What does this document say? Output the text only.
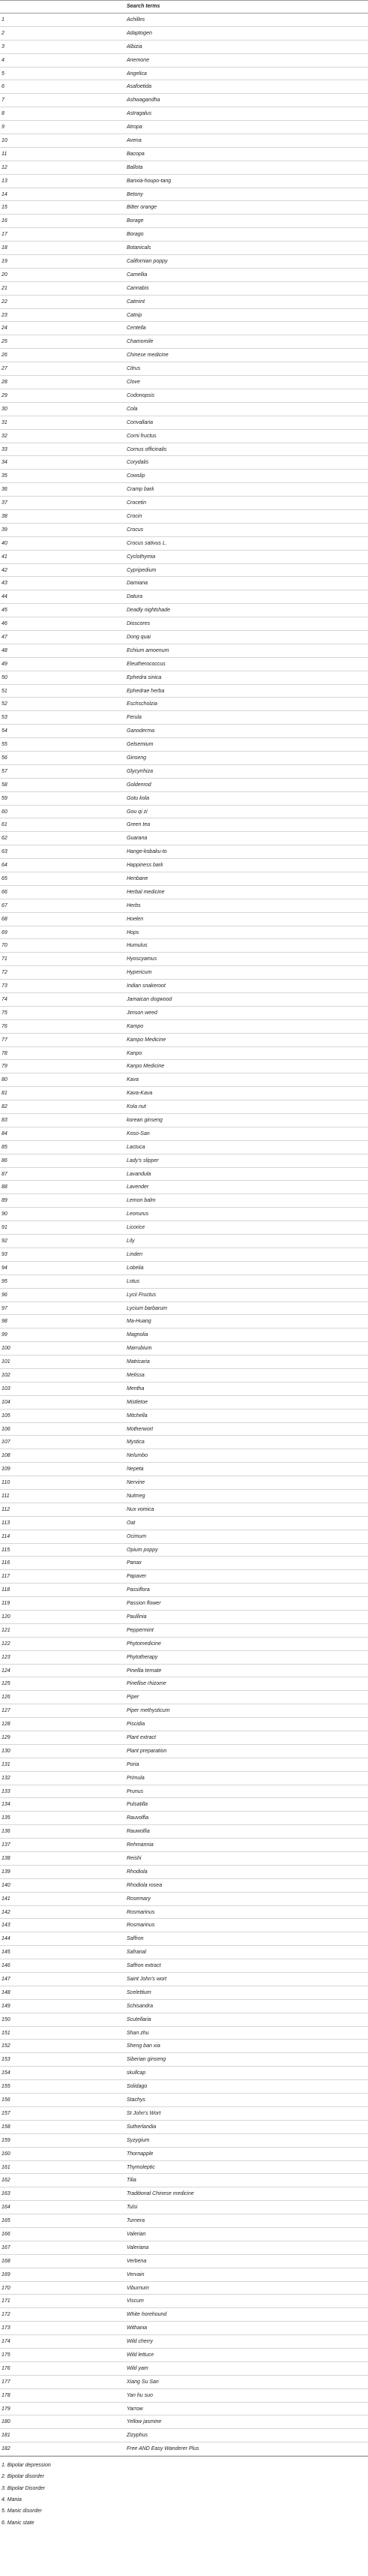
Search terms
1	Achilles
2	Adaptogen
3	Albizia
4	Anemone
5	Angelica
6	Asafoetida
7	Ashwagandha
8	Astragalus
9	Atropa
10	Avena
11	Bacopa
12	Ballota
13	Banxia-houpo-tang
14	Betony
15	Bitter orange
16	Borage
17	Borago
18	Botanicals
19	Californian poppy
20	Camellia
21	Cannabis
22	Catmint
23	Catnip
24	Centella
25	Chamomile
26	Chinese medicine
27	Citrus
28	Clove
29	Codonopsis
30	Cola
31	Convallaria
32	Corni fructus
33	Cornus officinalis
34	Corydalis
35	Cowslip
36	Cramp bark
37	Crocetin
38	Crocin
39	Crocus
40	Crocus sativus L.
41	Cyclothymia
42	Cypripedium
43	Damiana
44	Datura
45	Deadly nightshade
46	Dioscores
47	Dong quai
48	Echium amoenum
49	Eleutherococcus
50	Ephedra sinica
51	Ephedrae herba
52	Eschscholzia
53	Ferula
54	Ganoderma
55	Gelsemium
56	Ginseng
57	Glycyrrhiza
58	Goldenrod
59	Gotu kola
60	Gou qi zi
61	Green tea
62	Guarana
63	Hange-kobaku-to
64	Happiness bark
65	Henbane
66	Herbal medicine
67	Herbs
68	Hoelen
69	Hops
70	Humulus
71	Hyoscyamus
72	Hypericum
73	Indian snakeroot
74	Jamaican dogwood
75	Jimson weed
76	Kampo
77	Kampo Medicine
78	Kanpo
79	Kanpo Medicine
80	Kava
81	Kava-Kava
82	Kola nut
83	korean ginseng
84	Koso-San
85	Lactuca
86	Lady's slipper
87	Lavandula
88	Lavender
89	Lemon balm
90	Leonurus
91	Licorice
92	Lily
93	Linden
94	Lobelia
95	Lotus
96	Lycii Fructus
97	Lycium barbarum
98	Ma-Huang
99	Magnolia
100	Marrubium
101	Matricaria
102	Melissa
103	Mentha
104	Mistletoe
105	Mitchella
106	Motherwort
107	Mystica
108	Nelumbo
109	Nepeta
110	Nervine
111	Nutmeg
112	Nux vomica
113	Oat
114	Ocimum
115	Opium poppy
116	Panax
117	Papaver
118	Passiflora
119	Passion flower
120	Paullinia
121	Peppermint
122	Phytomedicine
123	Phytotherapy
124	Pinellia ternate
125	Pinellise rhizome
126	Piper
127	Piper methysticum
128	Piscidia
129	Plant extract
130	Plant preparation
131	Poria
132	Primula
133	Prunus
134	Pulsatilla
135	Rauvolfia
136	Rauwolfia
137	Rehmannia
138	Reishi
139	Rhodiola
140	Rhodiola rosea
141	Rosemary
142	Rosmarinus
143	Rosmarinus
144	Saffron
145	Safranal
146	Saffron extract
147	Saint John's wort
148	Scelettium
149	Schisandra
150	Scutellaria
151	Shan zhu
152	Sheng ban xia
153	Siberian ginseng
154	skullcap
155	Solidago
156	Stachys
157	St John's Wort
158	Sutherlandia
159	Syzygium
160	Thornapple
161	Thymoleptic
162	Tilia
163	Traditional Chinese medicine
164	Tulsi
165	Turnera
166	Valerian
167	Valeriana
168	Verbena
169	Vervain
170	Viburnum
171	Viscum
172	White horehound
173	Withania
174	Wild cherry
175	Wild lettuce
176	Wild yam
177	Xiang Su San
178	Yan hu suo
179	Yarrow
180	Yellow jasmine
181	Zizyphus
182	Free AND Easy Wanderer Plus
1. Bipolar depression
2. Bipolar disorder
3. Bipolar Disorder
4. Mania
5. Manic disorder
6. Manic state
